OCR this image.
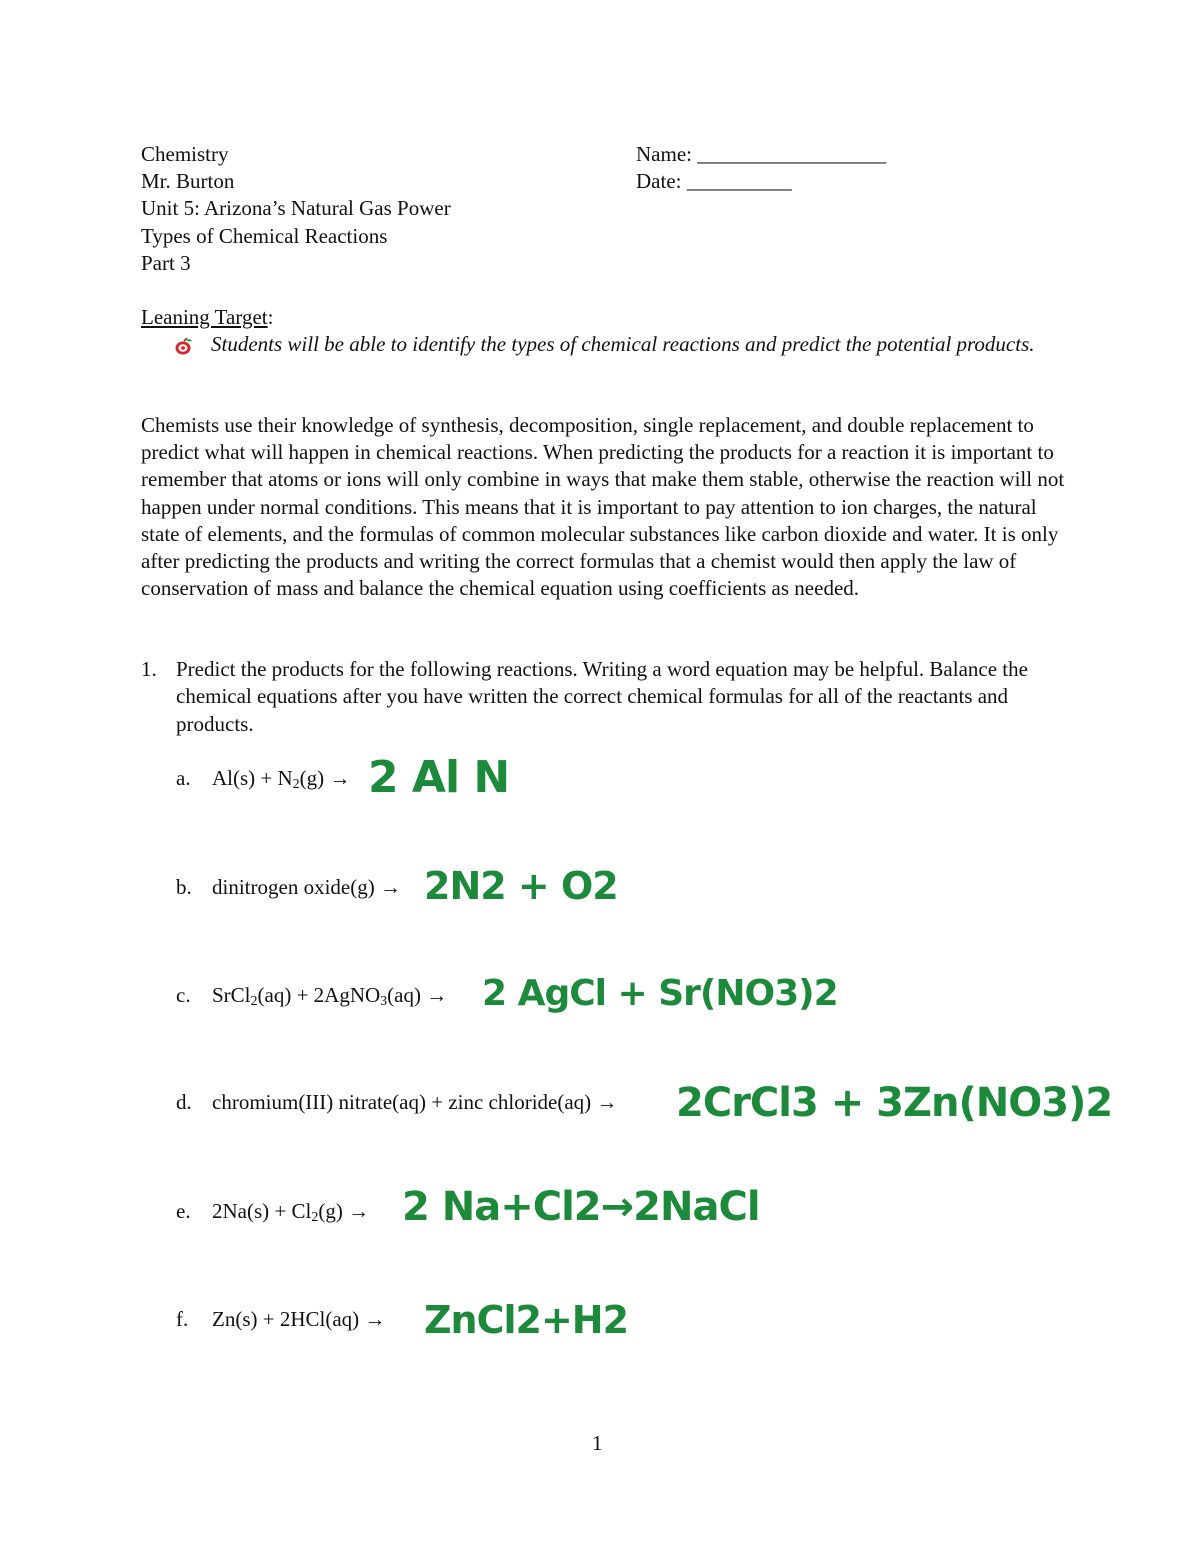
Chemistry
Mr. Burton
Unit 5: Arizona’s Natural Gas Power
Types of Chemical Reactions
Part 3
Name: __________________
Date: __________
Leaning Target:
Students will be able to identify the types of chemical reactions and predict the potential products.
Chemists use their knowledge of synthesis, decomposition, single replacement, and double replacement to predict what will happen in chemical reactions. When predicting the products for a reaction it is important to remember that atoms or ions will only combine in ways that make them stable, otherwise the reaction will not happen under normal conditions. This means that it is important to pay attention to ion charges, the natural state of elements, and the formulas of common molecular substances like carbon dioxide and water. It is only after predicting the products and writing the correct formulas that a chemist would then apply the law of conservation of mass and balance the chemical equation using coefficients as needed.
1. Predict the products for the following reactions. Writing a word equation may be helpful. Balance the chemical equations after you have written the correct chemical formulas for all of the reactants and products.
a. $Al(s) + N_2(g) \to 2$ Al N
b. dinitrogen oxide(g) → 2N2 + O2
c. SrCl$_2$(aq) + 2AgNO$_3$(aq) → 2 AgCl + Sr(NO3)2
d. chromium(III) nitrate(aq) + zinc chloride(aq) → 2CrCl3 + 3Zn(NO3)2
e. $2Na(s) + Cl_2(g) \to 2$ Na+Cl2→2NaCl
f. Zn(s) + 2HCl(aq) → ZnCl2+H2
1
